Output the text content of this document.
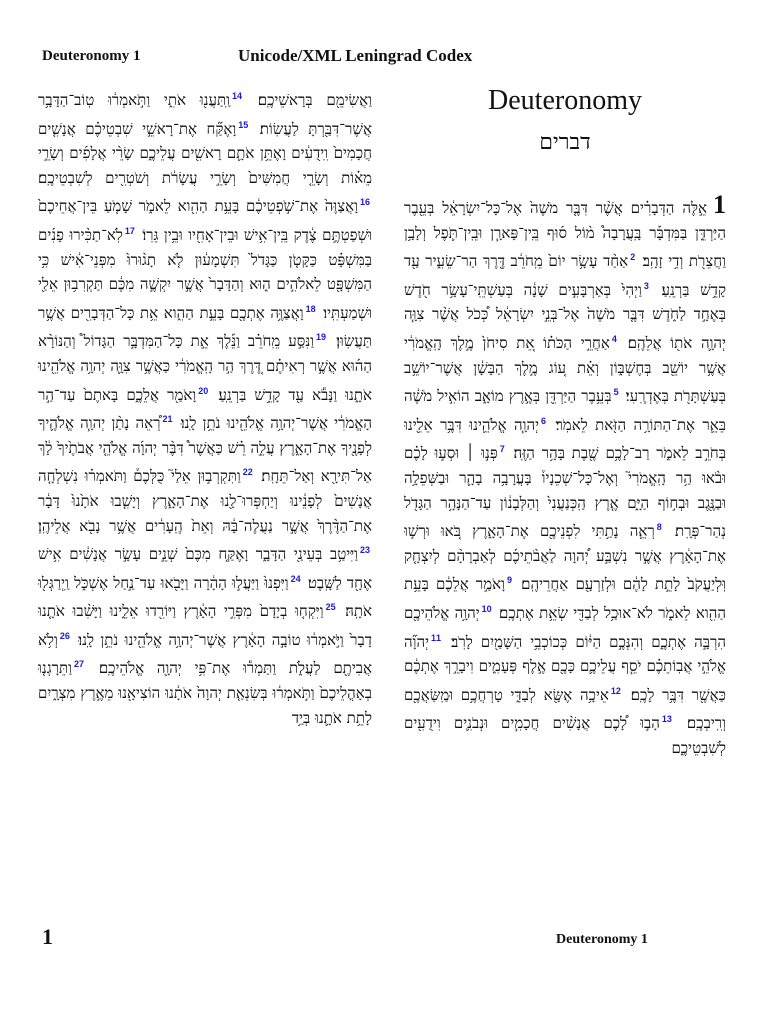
Deuteronomy 1	Unicode/XML Leningrad Codex
וַאֲשִׂימֵ֖ם בְּרָאשֵׁיכֶֽם׃ $^{14}$וַֽתַּעֲנ֖וּ אֹתִ֑י וַתֹּ֣אמְר֔וּ טֽוֹב־הַדָּבָ֥ר אֲשֶׁר־דִּבַּ֖רְתָּ לַעֲשֽׂוֹת׃ $^{15}$וָאֶקַּ֞ח אֶת־רָאשֵׁ֣י שִׁבְטֵיכֶ֗ם אֲנָשִׁ֤ים חֲכָמִים֙ וִֽידֻעִ֔ים וָאֶתֵּ֥ן אֹתָ֛ם רָאשִׁ֖ים עֲלֵיכֶ֑ם שָׂרֵ֨י אֲלָפִ֜ים וְשָׂרֵ֣י מֵא֗וֹת וְשָׂרֵ֤י חֲמִשִּׁים֙ וְשָׂרֵ֣י עֲשָׂרֹ֔ת וְשֹׁטְרִ֖ים לְשִׁבְטֵיכֶֽם׃ $^{16}$וָאֲצַוֶּה֙ אֶת־שֹׁ֣פְטֵיכֶ֔ם בָּעֵ֥ת הַהִ֖וא לֵאמֹ֑ר שָׁמֹ֤עַ בֵּין־אֲחֵיכֶם֙ וּשְׁפַטְתֶּ֣ם צֶ֔דֶק בֵּֽין־אִ֥ישׁ וּבֵין־אָחִ֖יו וּבֵ֥ין גֵּרֽוֹ׃ $^{17}$לֹֽא־תַכִּ֨ירוּ פָנִ֜ים בַּמִּשְׁפָּ֗ט כַּקָּטֹ֤ן כַּגָּדֹל֙ תִּשְׁמָע֔וּן לֹ֤א תָג֨וּרוּ֙ מִפְּנֵי־אִ֔ישׁ כִּ֥י הַמִּשְׁפָּ֖ט לֵאלֹהִ֣ים ה֑וּא וְהַדָּבָר֙ אֲשֶׁ֣ר יִקְשֶׁ֣ה מִכֶּ֔ם תַּקְרִב֥וּן אֵלַ֖י וּשְׁמַעְתִּֽיו׃ $^{18}$וָאֲצַוֶּ֥ה אֶתְכֶ֖ם בָּעֵ֣ת הַהִ֑וא אֵ֥ת כָּל־הַדְּבָרִ֖ים אֲשֶׁ֥ר תַּעֲשֽׂוּן׃ $^{19}$וַנִּסַּ֣ע מֵֽחֹרֵ֗ב וַנֵּ֡לֶךְ אֵ֣ת כָּל־הַמִּדְבָּ֣ר הַגָּדוֹל֩ וְהַנּוֹרָ֨א הַה֜וּא אֲשֶׁ֣ר רְאִיתֶ֗ם דֶּ֚רֶךְ הַ֣ר הָֽאֱמֹרִ֔י כַּאֲשֶׁ֥ר צִוָּ֛ה יְהוָ֥ה אֱלֹהֵ֖ינוּ אֹתָ֑נוּ וַנָּבֹ֕א עַ֖ד קָדֵ֥שׁ בַּרְנֵֽעַ׃ $^{20}$וָאֹמַ֖ר אֲלֵכֶ֑ם בָּאתֶם֙ עַד־הַ֣ר הָאֱמֹרִ֔י אֲשֶׁר־יְהוָ֥ה אֱלֹהֵ֖ינוּ נֹתֵ֥ן לָֽנוּ׃ $^{21}$רְ֠אֵה נָתַ֨ן יְהוָ֧ה אֱלֹהֶ֛יךָ לְפָנֶ֖יךָ אֶת־הָאָ֑רֶץ עֲלֵ֣ה רֵ֗שׁ כַּאֲשֶׁר֩ דִּבֶּ֨ר יְהוָ֜ה אֱלֹהֵ֤י אֲבֹתֶ֙יךָ֙ לָ֔ךְ אַל־תִּירָ֖א וְאַל־תֵּחָֽת׃ $^{22}$וַתִּקְרְב֣וּן אֵלַי֮ כֻּלְּכֶם֒ וַתֹּאמְר֗וּ נִשְׁלְחָ֤ה אֲנָשִׁים֙ לְפָנֵ֔ינוּ וְיַחְפְּרוּ־לָ֖נוּ אֶת־הָאָ֑רֶץ וְיָשִׁ֤בוּ אֹתָ֙נוּ֙ דָּבָ֔ר אֶת־הַדֶּ֨רֶךְ֙ אֲשֶׁ֣ר נַעֲלֶה־בָּ֔הּ וְאֵת֙ הֶֽעָרִ֔ים אֲשֶׁ֥ר נָבֹ֖א אֲלֵיהֶֽן׃ $^{23}$וַיִּיטַ֥ב בְּעֵינַ֖י הַדָּבָ֑ר וָאֶקַּ֤ח מִכֶּם֙ שְׁנֵ֣ים עָשָׂ֣ר אֲנָשִׁ֔ים אִ֥ישׁ אֶחָ֖ד לַשָּֽׁבֶט׃ $^{24}$וַיִּפְנוּ֙ וַיַּעֲל֣וּ הָהָ֔רָה וַיָּבֹ֖אוּ עַד־נַ֣חַל אֶשְׁכֹּ֑ל וַֽיְרַגְּל֖וּ אֹתָֽהּ׃ $^{25}$וַיִּקְח֤וּ בְיָדָם֙ מִפְּרִ֣י הָאָ֔רֶץ וַיּוֹרִ֖דוּ אֵלֵ֑ינוּ וַיָּשִׁ֨בוּ אֹתָ֤נוּ דָבָר֙ וַיֹּ֣אמְר֔וּ טוֹבָ֣ה הָאָ֔רֶץ אֲשֶׁר־יְהוָ֥ה אֱלֹהֵ֖ינוּ נֹתֵ֥ן לָֽנוּ׃ $^{26}$וְלֹ֥א אֲבִיתֶ֖ם לַעֲלֹ֑ת וַתַּמְר֕וּ אֶת־פִּ֥י יְהוָ֖ה אֱלֹהֵיכֶֽם׃ $^{27}$וַתֵּרָגְנ֤וּ בְאָהֳלֵיכֶם֙ וַתֹּ֣אמְר֔וּ בְּשִׂנְאַ֤ת יְהוָה֙ אֹתָ֔נוּ הוֹצִיאָ֖נוּ מֵאֶ֣רֶץ מִצְרָ֑יִם לָתֵ֥ת אֹתָ֛נוּ בְּיַ֥ד
Deuteronomy
דברים
1אֵ֣לֶּה הַדְּבָרִ֗ים אֲשֶׁ֨ר דִּבֶּ֤ר מֹשֶׁה֙ אֶל־כָּל־יִשְׂרָאֵ֔ל בְּעֵ֖בֶר הַיַּרְדֵּ֑ן בַּמִּדְבָּ֡ר בָּֽעֲרָבָה֩ מ֨וֹל ס֜וּף בֵּֽין־פָּארָ֧ן וּבֵֽין־תֹּ֛פֶל וְלָבָ֥ן וַחֲצֵרֹ֖ת וְדִ֥י זָהָֽב׃ $^2$אַחַ֨ד עָשָׂ֥ר יוֹם֙ מֵֽחֹרֵ֔ב דֶּ֖רֶךְ הַר־שֵׂעִ֑יר עַ֖ד קָדֵ֥שׁ בַּרְנֵֽעַ׃ $^3$וַיְהִי֙ בְּאַרְבָּעִ֣ים שָׁנָ֔ה בְּעַשְׁתֵּֽי־עָשָׂ֥ר חֹ֖דֶשׁ בְּאֶחָ֣ד לַחֹ֑דֶשׁ דִּבֶּ֤ר מֹשֶׁה֙ אֶל־בְּנֵ֣י יִשְׂרָאֵ֔ל כְּ֠כֹל אֲשֶׁ֨ר צִוָּ֧ה יְהוָ֛ה אֹת֖וֹ אֲלֵהֶֽם׃ $^4$אַחֲרֵ֣י הַכֹּת֗וֹ אֵ֚ת סִיחֹן֙ מֶ֣לֶךְ הָֽאֱמֹרִ֔י אֲשֶׁ֥ר יוֹשֵׁ֖ב בְּחֶשְׁבּ֑וֹן וְאֵ֗ת ע֚וֹג מֶ֣לֶךְ הַבָּשָׁ֔ן אֲשֶׁר־יוֹשֵׁ֥ב בְּעַשְׁתָּרֹ֖ת בְּאֶדְרֶֽעִי׃ $^5$בְּעֵ֥בֶר הַיַּרְדֵּ֖ן בְּאֶ֣רֶץ מוֹאָ֑ב הוֹאִ֣יל מֹשֶׁ֔ה בֵּאֵ֛ר אֶת־הַתּוֹרָ֥ה הַזֹּ֖את לֵאמֹֽר׃ $^6$יְהוָ֧ה אֱלֹהֵ֛ינוּ דִּבֶּ֥ר אֵלֵ֖ינוּ בְּחֹרֵ֣ב לֵאמֹ֑ר רַב־לָכֶ֥ם שֶׁ֖בֶת בָּהָ֥ר הַזֶּֽה׃ $^7$פְּנ֣וּ ׀ וּסְע֣וּ לָכֶ֗ם וּבֹ֨אוּ הַ֥ר הָֽאֱמֹרִי֮ וְאֶל־כָּל־שְׁכֵנָיו֒ בָּעֲרָבָ֥ה בָהָ֛ר וּבַשְּׁפֵלָ֥ה וּבַנֶּ֖גֶב וּבְח֣וֹף הַיָּ֑ם אֶ֤רֶץ הַֽכְּנַעֲנִי֙ וְהַלְּבָנ֔וֹן עַד־הַנָּהָ֥ר הַגָּדֹ֖ל נְהַר־פְּרָֽת׃ $^8$רְאֵ֛ה נָתַ֥תִּי לִפְנֵיכֶ֖ם אֶת־הָאָ֑רֶץ בֹּ֚אוּ וּרְשׁ֣וּ אֶת־הָאָ֔רֶץ אֲשֶׁ֣ר נִשְׁבַּ֣ע יְ֠הוָה לַאֲבֹ֨תֵיכֶ֜ם לְאַבְרָהָ֨ם לְיִצְחָ֤ק וּֽלְיַעֲקֹב֙ לָתֵ֣ת לָהֶ֔ם וּלְזַרְעָ֖ם אַחֲרֵיהֶֽם׃ $^9$וָאֹמַ֣ר אֲלֵכֶ֔ם בָּעֵ֥ת הַהִ֖וא לֵאמֹ֑ר לֹא־אוּכַ֥ל לְבַדִּ֖י שְׂאֵ֥ת אֶתְכֶֽם׃ $^{10}$יְהוָ֥ה אֱלֹהֵיכֶ֖ם הִרְבָּ֣ה אֶתְכֶ֑ם וְהִנְּכֶ֣ם הַיּ֔וֹם כְּכוֹכְבֵ֥י הַשָּׁמַ֖יִם לָרֹֽב׃ $^{11}$יְהוָ֞ה אֱלֹהֵ֣י אֲבֽוֹתֵכֶ֗ם יֹסֵ֧ף עֲלֵיכֶ֛ם כָּכֶ֖ם אֶ֣לֶף פְּעָמִ֑ים וִיבָרֵ֣ךְ אֶתְכֶ֔ם כַּאֲשֶׁ֖ר דִּבֶּ֥ר לָכֶֽם׃ $^{12}$אֵיכָ֥ה אֶשָּׂ֖א לְבַדִּ֑י טָרְחֲכֶ֥ם וּמַֽשַּׂאֲכֶ֖ם וְרִֽיבְכֶֽם׃ $^{13}$הָב֣וּ לָ֠כֶם אֲנָשִׁ֨ים חֲכָמִ֧ים וּנְבֹנִ֛ים וִידֻעִ֖ים לְשִׁבְטֵיכֶ֑ם
1	Deuteronomy 1
